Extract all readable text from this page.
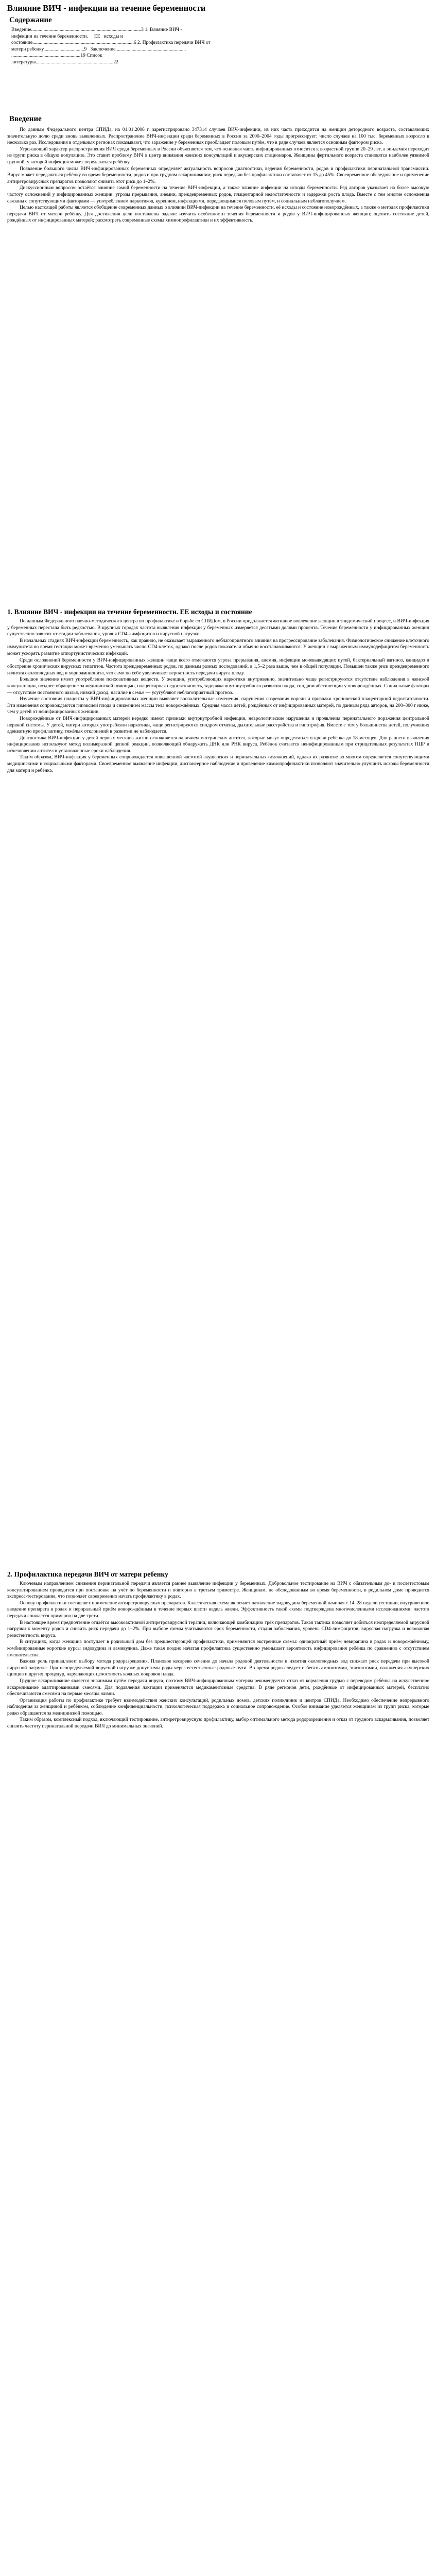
Влияние ВИЧ - инфекции на течение беременности
Содержание
Введение.........................................................................................3 1. Влияние ВИЧ -
инфекции на течение беременности.     ЕЕ   исходы и
состояние..................................................................................6 2. Профилактика передачи ВИЧ от
матери ребенку.................................9   Заключение.........................................................
........................................................19 Список
литературы...............................................................22
Введение

По данным Федерального центра СПИДа, на 01.01.2006 г. зарегистрировано 347314 случаев ВИЧ-инфекции, из них часть приходится на женщин детородного возраста, составляющих значительную долю среди вновь выявленных. Распространение ВИЧ-инфекции среди беременных в России за 2000–2004 годы прогрессирует: число случаев на 100 тыс. беременных возросло в несколько раз. Исследования в отдельных регионах показывают, что заражение у беременных преобладает половым путём, что в ряде случаев является основным фактором риска.

Угрожающий характер распространения ВИЧ среди беременных в России объясняется тем, что основная часть инфицированных относится к возрастной группе 20–29 лет, а эпидемия переходит из групп риска в общую популяцию. Это ставит проблему ВИЧ в центр внимания женских консультаций и акушерских стационаров. Женщины фертильного возраста становятся наиболее уязвимой группой, у которой инфекция может передаваться ребёнку.

Появление большого числа ВИЧ-инфицированных беременных определяет актуальность вопросов диагностики, ведения беременности, родов и профилактики перинатальной трансмиссии. Вирус может передаваться ребёнку во время беременности, родов и при грудном вскармливании; риск передачи без профилактики составляет от 15 до 45%. Своевременное обследование и применение антиретровирусных препаратов позволяют снизить этот риск до 1–2%.

Дискуссионным вопросом остаётся влияние самой беременности на течение ВИЧ-инфекции, а также влияние инфекции на исходы беременности. Ряд авторов указывает на более высокую частоту осложнений у инфицированных женщин: угрозы прерывания, анемии, преждевременных родов, плацентарной недостаточности и задержки роста плода. Вместе с тем многие осложнения связаны с сопутствующими факторами — употреблением наркотиков, курением, инфекциями, передающимися половым путём, и социальным неблагополучием.

Целью настоящей работы является обобщение современных данных о влиянии ВИЧ-инфекции на течение беременности, её исходы и состояние новорождённых, а также о методах профилактики передачи ВИЧ от матери ребёнку. Для достижения цели поставлены задачи: изучить особенности течения беременности и родов у ВИЧ-инфицированных женщин; оценить состояние детей, рождённых от инфицированных матерей; рассмотреть современные схемы химиопрофилактики и их эффективность.

1. Влияние ВИЧ - инфекции на течение беременности. ЕЕ исходы и состояние

По данным Федерального научно-методического центра по профилактике и борьбе со СПИДом, в России продолжается активное вовлечение женщин в эпидемический процесс, и ВИЧ-инфекция у беременных перестала быть редкостью. В крупных городах частота выявления инфекции у беременных измеряется десятыми долями процента. Течение беременности у инфицированных женщин существенно зависит от стадии заболевания, уровня CD4-лимфоцитов и вирусной нагрузки.

В начальных стадиях ВИЧ-инфекции беременность, как правило, не оказывает выраженного неблагоприятного влияния на прогрессирование заболевания. Физиологическое снижение клеточного иммунитета во время гестации может временно уменьшать число CD4-клеток, однако после родов показатели обычно восстанавливаются. У женщин с выраженным иммунодефицитом беременность может ускорять развитие оппортунистических инфекций.

Среди осложнений беременности у ВИЧ-инфицированных женщин чаще всего отмечаются угроза прерывания, анемия, инфекции мочевыводящих путей, бактериальный вагиноз, кандидоз и обострение хронических вирусных гепатитов. Частота преждевременных родов, по данным разных исследований, в 1,5–2 раза выше, чем в общей популяции. Повышен также риск преждевременного излития околоплодных вод и хориоамнионита, что само по себе увеличивает вероятность передачи вируса плоду.

Большое значение имеет употребление психоактивных веществ. У женщин, употребляющих наркотики внутривенно, значительно чаще регистрируются отсутствие наблюдения в женской консультации, позднее обращение за медицинской помощью, плацентарная недостаточность, задержка внутриутробного развития плода, синдром абстиненции у новорождённых. Социальные факторы — отсутствие постоянного жилья, низкий доход, насилие в семье — усугубляют неблагоприятный прогноз.

Изучение состояния плаценты у ВИЧ-инфицированных женщин выявляет воспалительные изменения, нарушения созревания ворсин и признаки хронической плацентарной недостаточности. Эти изменения сопровождаются гипоксией плода и снижением массы тела новорождённых. Средняя масса детей, рождённых от инфицированных матерей, по данным ряда авторов, на 200–300 г ниже, чем у детей от неинфицированных женщин.

Новорождённые от ВИЧ-инфицированных матерей нередко имеют признаки внутриутробной инфекции, неврологические нарушения и проявления перинатального поражения центральной нервной системы. У детей, матери которых употребляли наркотики, чаще регистрируются синдром отмены, дыхательные расстройства и гипотрофия. Вместе с тем у большинства детей, получивших адекватную профилактику, тяжёлых отклонений в развитии не наблюдается.

Диагностика ВИЧ-инфекции у детей первых месяцев жизни осложняется наличием материнских антител, которые могут определяться в крови ребёнка до 18 месяцев. Для раннего выявления инфицирования используют метод полимеразной цепной реакции, позволяющий обнаружить ДНК или РНК вируса. Ребёнок считается неинфицированным при отрицательных результатах ПЦР и исчезновении антител в установленные сроки наблюдения.

Таким образом, ВИЧ-инфекция у беременных сопровождается повышенной частотой акушерских и перинатальных осложнений, однако их развитие во многом определяется сопутствующими медицинскими и социальными факторами. Своевременное выявление инфекции, диспансерное наблюдение и проведение химиопрофилактики позволяют значительно улучшить исходы беременности для матери и ребёнка.

2. Профилактика передачи ВИЧ от матери ребенку

Ключевым направлением снижения перинатальной передачи является раннее выявление инфекции у беременных. Добровольное тестирование на ВИЧ с обязательным до- и послетестовым консультированием проводится при постановке на учёт по беременности и повторно в третьем триместре. Женщинам, не обследованным во время беременности, в родильном доме проводится экспресс-тестирование, что позволяет своевременно начать профилактику в родах.

Основу профилактики составляет применение антиретровирусных препаратов. Классическая схема включает назначение зидовудина беременной начиная с 14–28 недели гестации, внутривенное введение препарата в родах и пероральный приём новорождённым в течение первых шести недель жизни. Эффективность такой схемы подтверждена многочисленными исследованиями: частота передачи снижается примерно на две трети.

В настоящее время предпочтение отдаётся высокоактивной антиретровирусной терапии, включающей комбинацию трёх препаратов. Такая тактика позволяет добиться неопределяемой вирусной нагрузки к моменту родов и снизить риск передачи до 1–2%. При выборе схемы учитываются срок беременности, стадия заболевания, уровень CD4-лимфоцитов, вирусная нагрузка и возможная резистентность вируса.

В ситуациях, когда женщина поступает в родильный дом без предшествующей профилактики, применяются экстренные схемы: однократный приём невирапина в родах и новорождённому, комбинированные короткие курсы зидовудина и ламивудина. Даже такая поздно начатая профилактика существенно уменьшает вероятность инфицирования ребёнка по сравнению с отсутствием вмешательства.

Важная роль принадлежит выбору метода родоразрешения. Плановое кесарево сечение до начала родовой деятельности и излития околоплодных вод снижает риск передачи при высокой вирусной нагрузке. При неопределяемой вирусной нагрузке допустимы роды через естественные родовые пути. Во время родов следует избегать амниотомии, эпизиотомии, наложения акушерских щипцов и других процедур, нарушающих целостность кожных покровов плода.

Грудное вскармливание является значимым путём передачи вируса, поэтому ВИЧ-инфицированным матерям рекомендуется отказ от кормления грудью с переводом ребёнка на искусственное вскармливание адаптированными смесями. Для подавления лактации применяются медикаментозные средства. В ряде регионов дети, рождённые от инфицированных матерей, бесплатно обеспечиваются смесями на первые месяцы жизни.

Организация работы по профилактике требует взаимодействия женских консультаций, родильных домов, детских поликлиник и центров СПИДа. Необходимо обеспечение непрерывного наблюдения за женщиной и ребёнком, соблюдение конфиденциальности, психологическая поддержка и социальное сопровождение. Особое внимание уделяется женщинам из групп риска, которые редко обращаются за медицинской помощью.

Таким образом, комплексный подход, включающий тестирование, антиретровирусную профилактику, выбор оптимального метода родоразрешения и отказ от грудного вскармливания, позволяет снизить частоту перинатальной передачи ВИЧ до минимальных значений.
